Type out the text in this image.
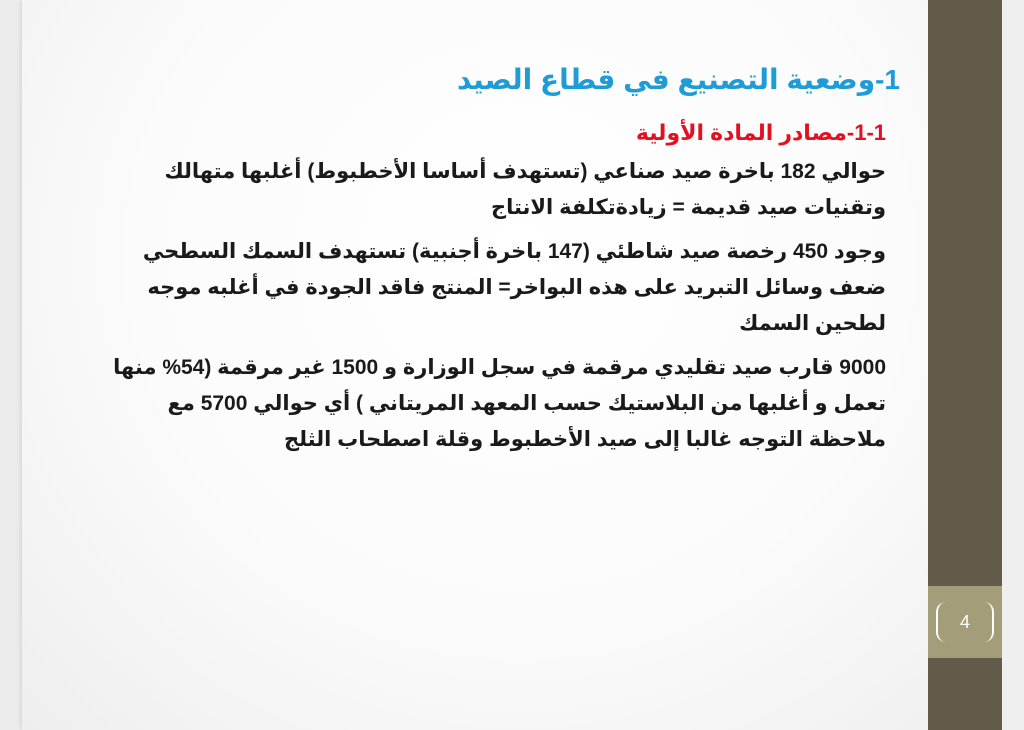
1-وضعية التصنيع في قطاع الصيد
1-1-مصادر المادة الأولية
حوالي 182 باخرة صيد صناعي (تستهدف أساسا الأخطبوط) أغلبها متهالك وتقنيات صيد قديمة = زيادةتكلفة الانتاج
وجود 450 رخصة صيد شاطئي (147 باخرة أجنبية) تستهدف السمك السطحي ضعف وسائل التبريد على هذه البواخر= المنتج فاقد الجودة في أغلبه موجه لطحين السمك
9000 قارب صيد تقليدي مرقمة في سجل الوزارة و 1500 غير مرقمة (54% منها تعمل و أغلبها من البلاستيك حسب المعهد المريتاني ) أي حوالي 5700 مع ملاحظة التوجه غالبا إلى صيد الأخطبوط وقلة اصطحاب الثلج
4
